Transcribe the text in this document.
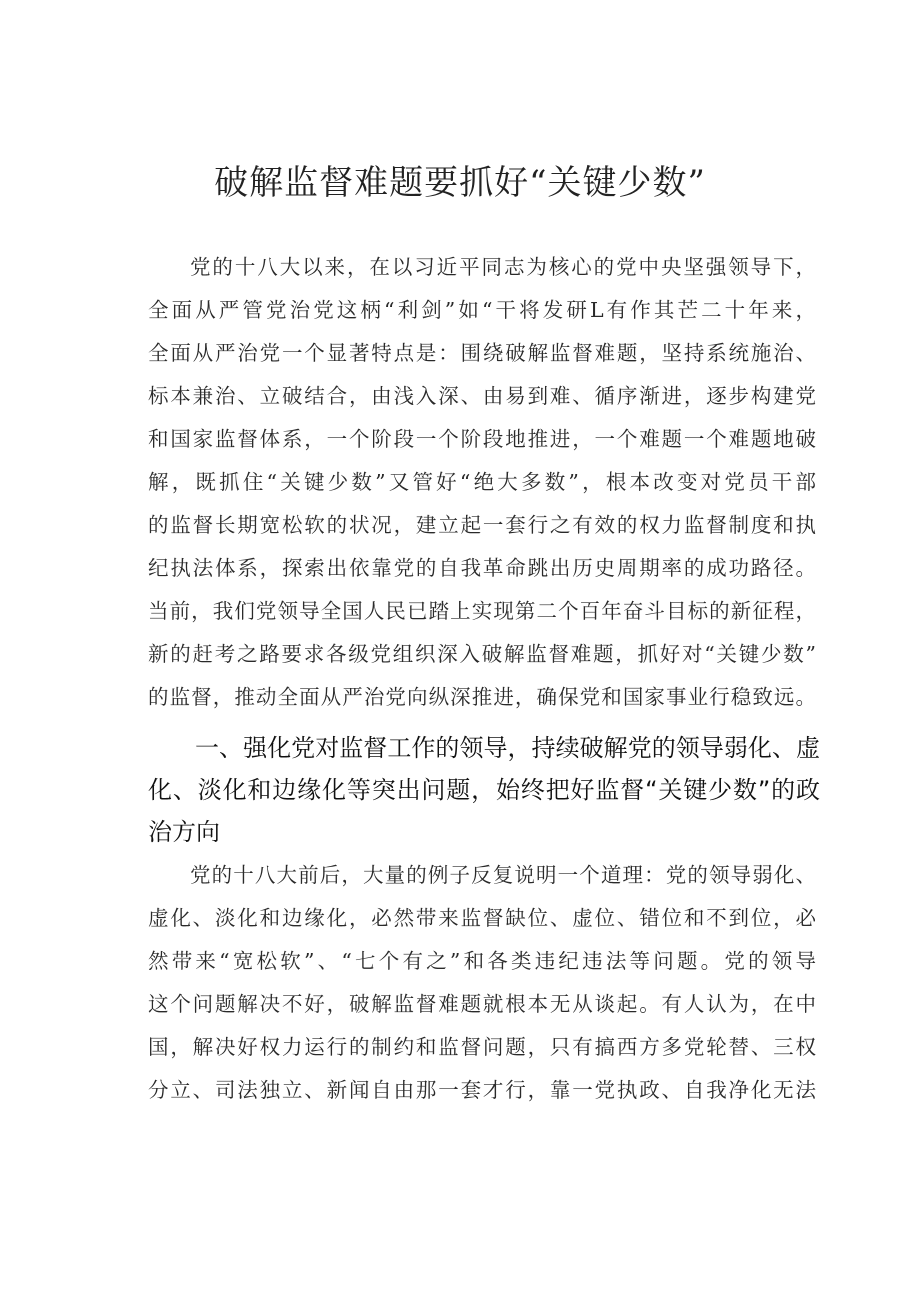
破解监督难题要抓好“关键少数”
党的十八大以来，在以习近平同志为核心的党中央坚强领导下，
全面从严管党治党这柄“利剑”如“干将发研L有作其芒二十年来，
全面从严治党一个显著特点是：围绕破解监督难题，坚持系统施治、
标本兼治、立破结合，由浅入深、由易到难、循序渐进，逐步构建党
和国家监督体系，一个阶段一个阶段地推进，一个难题一个难题地破
解，既抓住“关键少数”又管好“绝大多数”，根本改变对党员干部
的监督长期宽松软的状况，建立起一套行之有效的权力监督制度和执
纪执法体系，探索出依靠党的自我革命跳出历史周期率的成功路径。
当前，我们党领导全国人民已踏上实现第二个百年奋斗目标的新征程，
新的赶考之路要求各级党组织深入破解监督难题，抓好对“关键少数”
的监督，推动全面从严治党向纵深推进，确保党和国家事业行稳致远。
一、强化党对监督工作的领导，持续破解党的领导弱化、虚
化、淡化和边缘化等突出问题，始终把好监督“关键少数”的政
治方向
党的十八大前后，大量的例子反复说明一个道理：党的领导弱化、
虚化、淡化和边缘化，必然带来监督缺位、虚位、错位和不到位，必
然带来“宽松软”、“七个有之”和各类违纪违法等问题。党的领导
这个问题解决不好，破解监督难题就根本无从谈起。有人认为，在中
国，解决好权力运行的制约和监督问题，只有搞西方多党轮替、三权
分立、司法独立、新闻自由那一套才行，靠一党执政、自我净化无法
